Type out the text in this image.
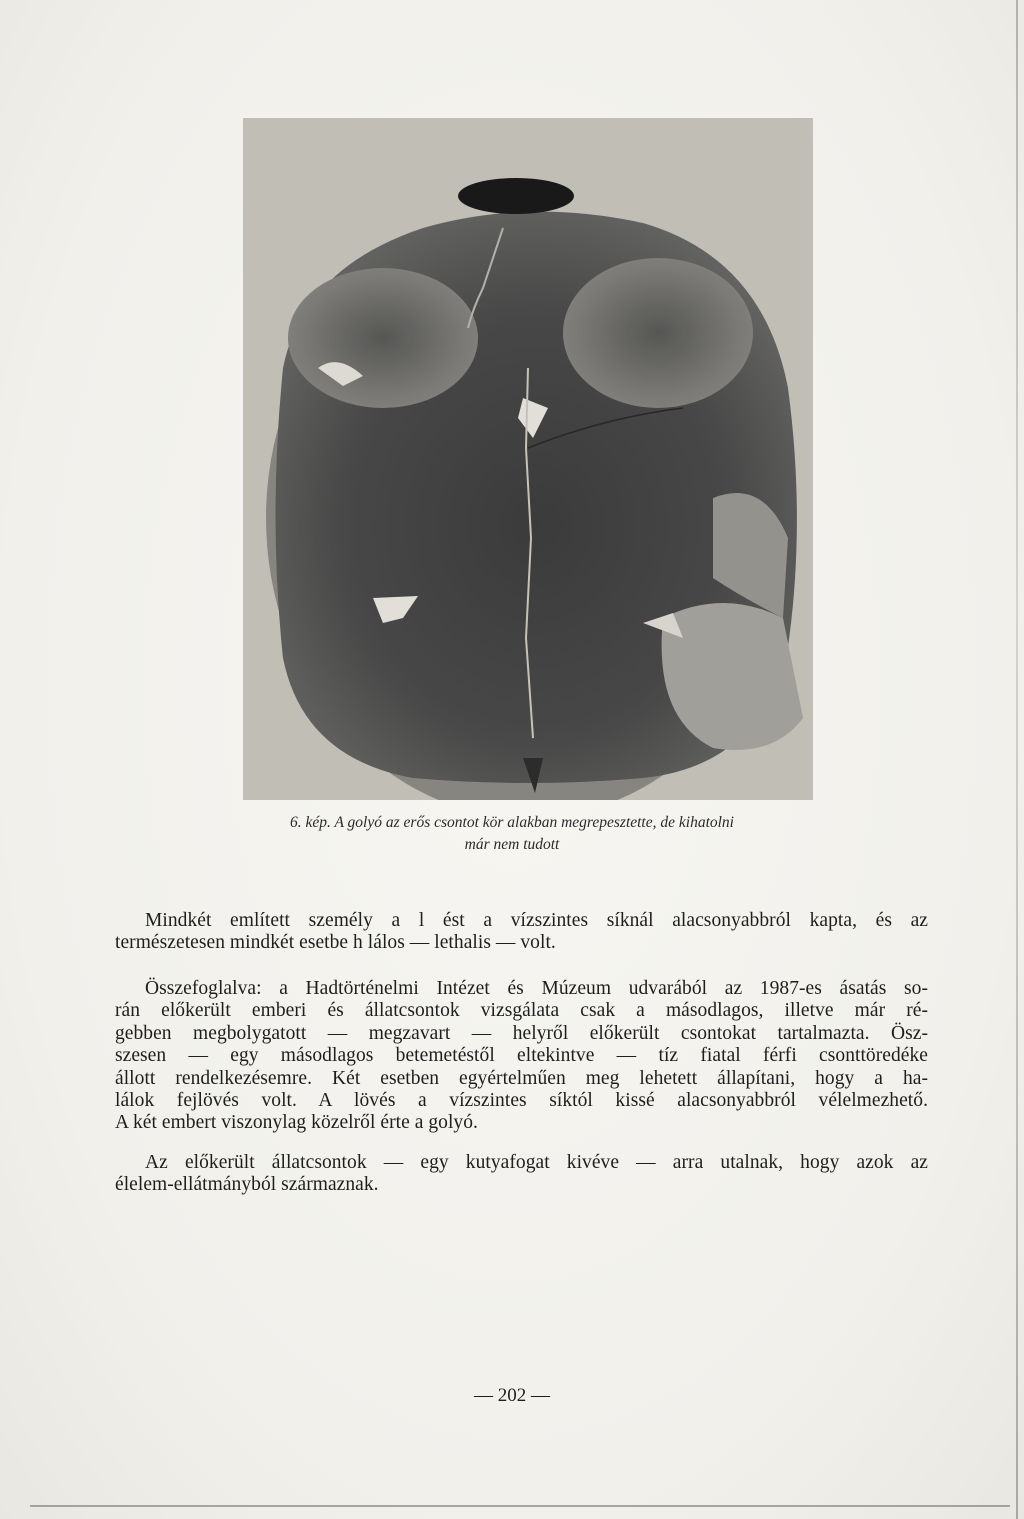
6. kép. A golyó az erős csontot kör alakban megrepesztette, de kihatolni
már nem tudott
Mindkét említett személy a l ést a vízszintes síknál alacsonyabbról kapta, és az
természetesen mindkét esetbe h lálos — lethalis — volt.
Összefoglalva: a Hadtörténelmi Intézet és Múzeum udvarából az 1987-es ásatás so-
rán előkerült emberi és állatcsontok vizsgálata csak a másodlagos, illetve már ré-
gebben megbolygatott — megzavart — helyről előkerült csontokat tartalmazta. Ösz-
szesen — egy másodlagos betemetéstől eltekintve — tíz fiatal férfi csonttöredéke
állott rendelkezésemre. Két esetben egyértelműen meg lehetett állapítani, hogy a ha-
lálok fejlövés volt. A lövés a vízszintes síktól kissé alacsonyabbról vélelmezhető.
A két embert viszonylag közelről érte a golyó.
Az előkerült állatcsontok — egy kutyafogat kivéve — arra utalnak, hogy azok az
élelem-ellátmányból származnak.
— 202 —
